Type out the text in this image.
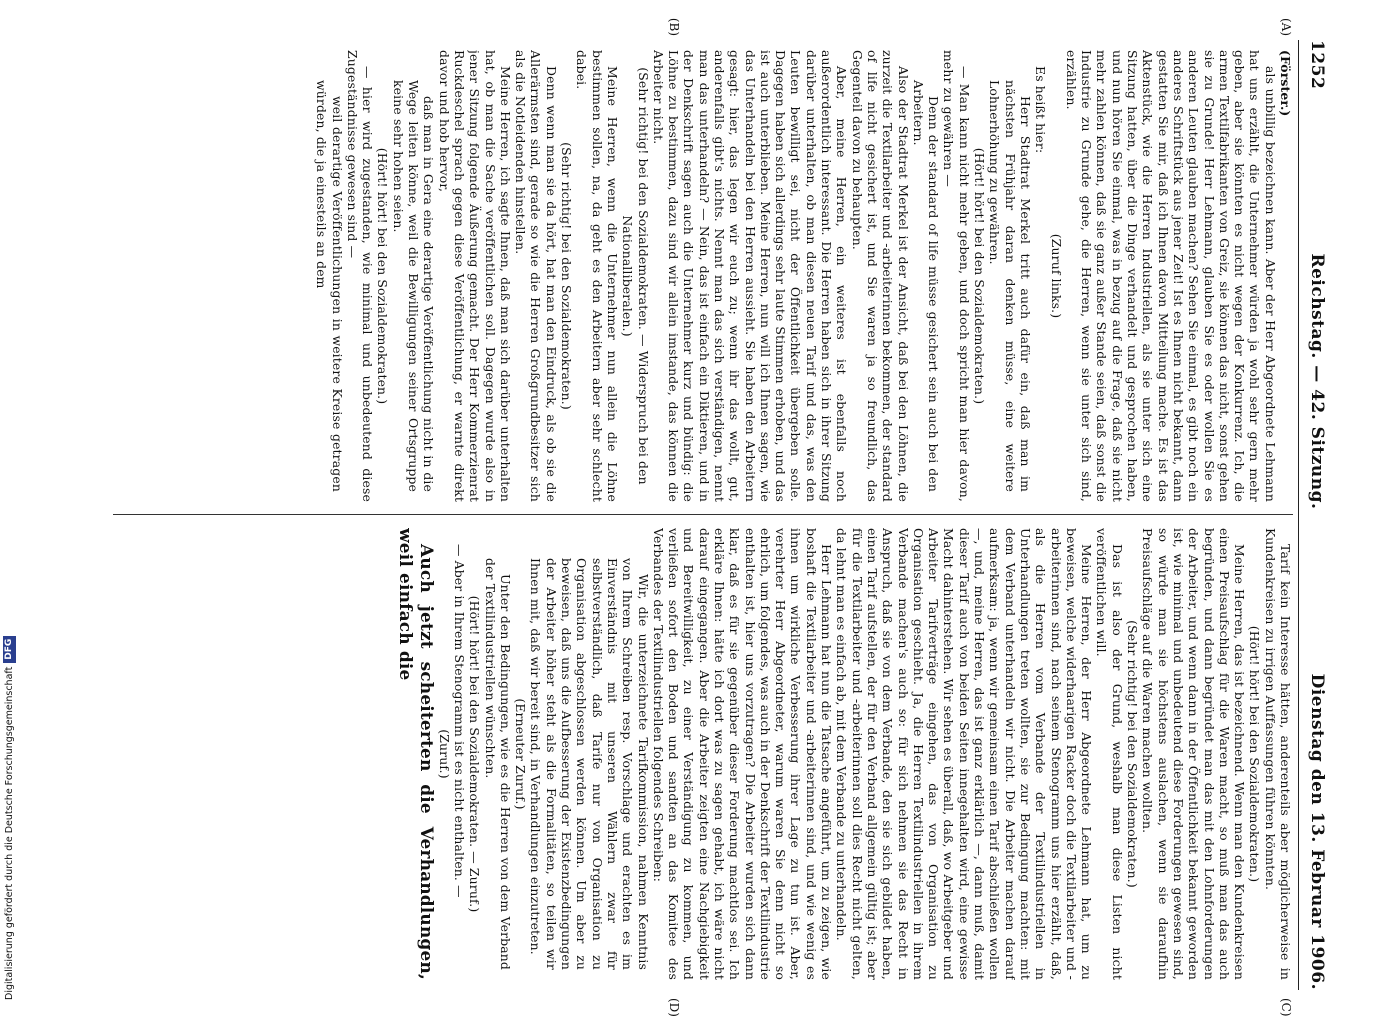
Digitalisierung gefördert durch die Deutsche Forschungsgemeinschaft
DFG
1252
Reichstag. — 42. Sitzung.
Dienstag den 13. Februar 1906.
(A)
(B)
(C)
(D)

(Förster.)

als unbillig bezeichnen kann. Aber der Herr Abgeordnete Lehmann hat uns erzählt, die Unternehmer würden ja wohl sehr gern mehr geben, aber sie könnten es nicht wegen der Konkurrenz. Ich, die armen Textilfabrikanten von Greiz, sie können das nicht, sonst gehen sie zu Grunde! Herr Lehmann, glauben Sie es oder wollen Sie es anderen Leuten glauben machen? Sehen Sie einmal, es gibt noch ein anderes Schriftstück aus jener Zeit! Ist es Ihnen nicht bekannt, dann gestatten Sie mir, daß ich Ihnen davon Mitteilung mache. Es ist das Aktenstück, wie die Herren Industriellen, als sie unter sich eine Sitzung hatten, über die Dinge verhandelt und gesprochen haben, und nun hören Sie einmal, was in bezug auf die Frage, daß sie nicht mehr zahlen können, daß sie ganz außer Stande seien, daß sonst die Industrie zu Grunde gehe, die Herren, wenn sie unter sich sind, erzählen.

(Zuruf links.)

Es heißt hier:

Herr Stadtrat Merkel tritt auch dafür ein, daß man im nächsten Frühjahr daran denken müsse, eine weitere Lohnerhöhung zu gewähren.

(Hört! hört! bei den Sozialdemokraten.)

— Man kann nicht mehr geben, und doch spricht man hier davon, mehr zu gewähren —

Denn der standard of life müsse gesichert sein auch bei den Arbeitern.

Also der Stadtrat Merkel ist der Ansicht, daß bei den Löhnen, die zurzeit die Textilarbeiter und -arbeiterinnen bekommen, der standard of life nicht gesichert ist, und Sie waren ja so freundlich, das Gegenteil davon zu behaupten.

Aber, meine Herren, ein weiteres ist ebenfalls noch außerordentlich interessant. Die Herren haben sich in ihrer Sitzung darüber unterhalten, ob man diesen neuen Tarif und das, was den Leuten bewilligt sei, nicht der Öffentlichkeit übergeben solle. Dagegen haben sich allerdings sehr laute Stimmen erhoben, und das ist auch unterblieben. Meine Herren, nun will ich Ihnen sagen, wie das Unterhandeln bei den Herren aussieht. Sie haben den Arbeitern gesagt: hier, das legen wir euch zu; wenn ihr das wollt, gut, anderenfalls gibt's nichts. Nennt man das sich verständigen, nennt man das unterhandeln? — Nein, das ist einfach ein Diktieren, und in der Denkschrift sagen auch die Unternehmer kurz und bündig: die Löhne zu bestimmen, dazu sind wir allein imstande, das können die Arbeiter nicht.

(Sehr richtig! bei den Sozialdemokraten. — Widerspruch bei den Nationalliberalen.)

Meine Herren, wenn die Unternehmer nun allein die Löhne bestimmen sollen, na, da geht es den Arbeitern aber sehr schlecht dabei.

(Sehr richtig! bei den Sozialdemokraten.)

Denn wenn man sie da hört, hat man den Eindruck, als ob sie die Allerärmsten sind, gerade so wie die Herren Großgrundbesitzer sich als die Notleidenden hinstellen.

Meine Herren, ich sagte Ihnen, daß man sich darüber unterhalten hat, ob man die Sache veröffentlichen soll. Dagegen wurde also in jener Sitzung folgende Äußerung gemacht. Der Herr Kommerzienrat Ruckdeschel sprach gegen diese Veröffentlichung, er warnte direkt davor und hob hervor,

daß man in Gera eine derartige Veröffentlichung nicht in die Wege leiten könne, weil die Bewilligungen seiner Ortsgruppe keine sehr hohen seien.

(Hört! hört! bei den Sozialdemokraten.)

— hier wird zugestanden, wie minimal und unbedeutend diese Zugeständnisse gewesen sind —

weil derartige Veröffentlichungen in weitere Kreise getragen würden, die ja einesteils an dem

Tarif kein Interesse hätten, anderenteils aber möglicherweise in Kundenkreisen zu irrigen Auffassungen führen könnten.

(Hört! hört! bei den Sozialdemokraten.)

Meine Herren, das ist bezeichnend. Wenn man den Kundenkreisen einen Preisaufschlag für die Waren macht, so muß man das auch begründen, und dann begründet man das mit den Lohnforderungen der Arbeiter, und wenn dann in der Öffentlichkeit bekannt geworden ist, wie minimal und unbedeutend diese Forderungen gewesen sind, so würde man sie höchstens auslachen, wenn sie daraufhin Preisaufschläge auf die Waren machen wollten.

(Sehr richtig! bei den Sozialdemokraten.)

Das ist also der Grund, weshalb man diese Listen nicht veröffentlichen will.

Meine Herren, der Herr Abgeordnete Lehmann hat, um zu beweisen, welche widerhaarigen Racker doch die Textilarbeiter und -arbeiterinnen sind, nach seinem Stenogramm uns hier erzählt, daß, als die Herren vom Verbande der Textilindustriellen in Unterhandlungen treten wollten, sie zur Bedingung machten: mit dem Verband unterhandeln wir nicht. Die Arbeiter machen darauf aufmerksam: ja, wenn wir gemeinsam einen Tarif abschließen wollen —, und, meine Herren, das ist ganz erklärlich —, dann muß, damit dieser Tarif auch von beiden Seiten innegehalten wird, eine gewisse Macht dahinterstehen. Wir sehen es überall, daß, wo Arbeitgeber und Arbeiter Tarifverträge eingehen, das von Organisation zu Organisation geschieht. Ja, die Herren Textilindustriellen in ihrem Verbande machen's auch so: für sich nehmen sie das Recht in Anspruch, daß sie von dem Verbande, den sie sich gebildet haben, einen Tarif aufstellen, der für den Verband allgemein gültig ist; aber für die Textilarbeiter und -arbeiterinnen soll dies Recht nicht gelten, da lehnt man es einfach ab, mit dem Verbande zu unterhandeln.

Herr Lehmann hat nun die Tatsache angeführt, um zu zeigen, wie boshaft die Textilarbeiter und -arbeiterinnen sind, und wie wenig es ihnen um wirkliche Verbesserung ihrer Lage zu tun ist. Aber, verehrter Herr Abgeordneter, warum waren Sie denn nicht so ehrlich, um folgendes, was auch in der Denkschrift der Textilindustrie enthalten ist, hier uns vorzutragen? Die Arbeiter wurden sich dann klar, daß es für sie gegenüber dieser Forderung machtlos sei. Ich erkläre Ihnen: hätte ich dort was zu sagen gehabt, ich wäre nicht darauf eingegangen. Aber die Arbeiter zeigten eine Nachgiebigkeit und Bereitwilligkeit, zu einer Verständigung zu kommen, und verließen sofort den Boden und sandten an das Komitee des Verbandes der Textilindustriellen folgendes Schreiben:

Wir, die unterzeichnete Tarifkommission, nahmen Kenntnis von Ihrem Schreiben resp. Vorschlage und erachten es im Einverständnis mit unseren Wählern zwar für selbstverständlich, daß Tarife nur von Organisation zu Organisation abgeschlossen werden können. Um aber zu beweisen, daß uns die Aufbesserung der Existenzbedingungen der Arbeiter höher steht als die Formalitäten, so teilen wir Ihnen mit, daß wir bereit sind, in Verhandlungen einzutreten.

(Erneuter Zuruf.)

Unter den Bedingungen, wie es die Herren von dem Verband der Textilindustriellen wünschten.

(Hört! hört! bei den Sozialdemokraten. — Zuruf.)

— Aber in Ihrem Stenogramm ist es nicht enthalten. —

(Zuruf.)

Auch jetzt scheiterten die Verhandlungen, weil einfach die
